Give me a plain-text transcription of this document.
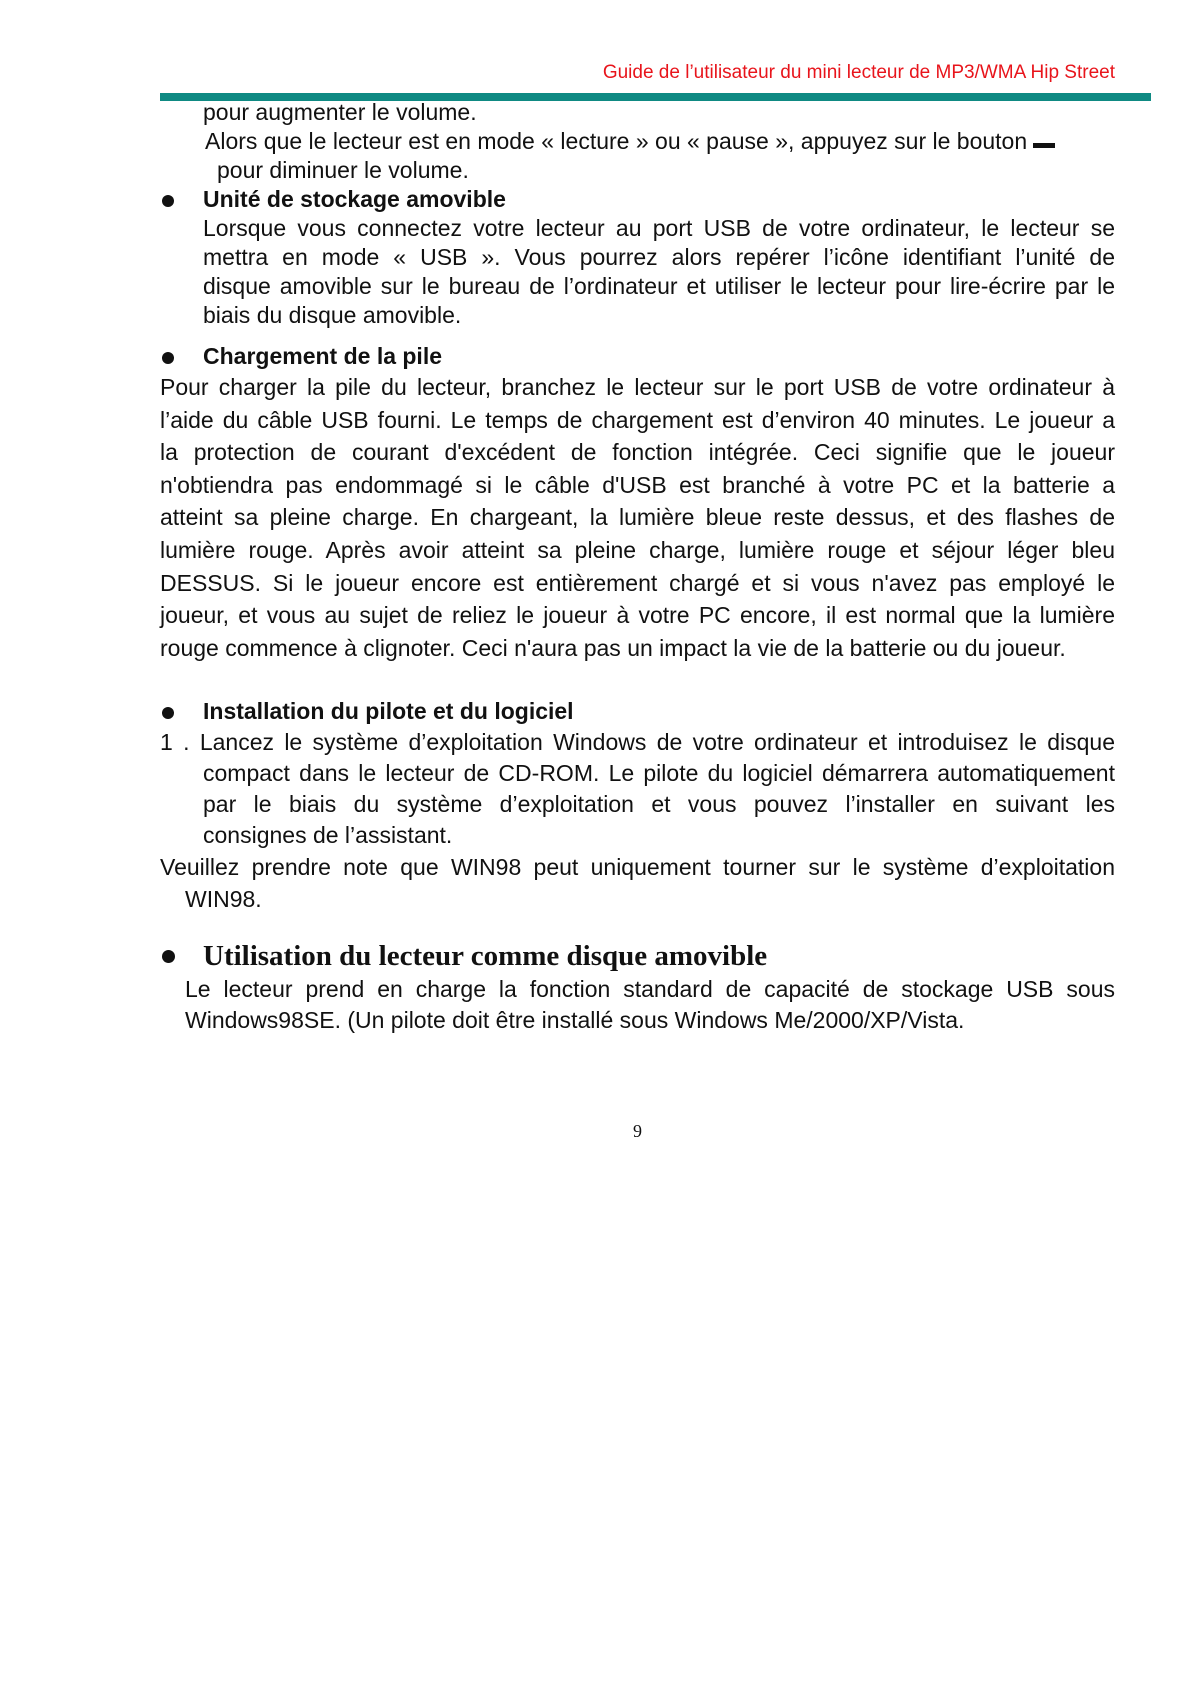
Guide de l’utilisateur du mini lecteur de MP3/WMA Hip Street

pour augmenter le volume.

Alors que le lecteur est en mode « lecture » ou « pause », appuyez sur le bouton

pour diminuer le volume.

Unité de stockage amovible
Lorsque vous connectez votre lecteur au port USB de votre ordinateur, le lecteur se
mettra en mode « USB ». Vous pourrez alors repérer l’icône identifiant l’unité de
disque amovible sur le bureau de l’ordinateur et utiliser le lecteur pour lire-écrire par le
biais du disque amovible.
Chargement de la pile
Pour charger la pile du lecteur, branchez le lecteur sur le port USB de votre ordinateur à
l’aide du câble USB fourni. Le temps de chargement est d’environ 40 minutes. Le joueur a
la protection de courant d'excédent de fonction intégrée. Ceci signifie que le joueur
n'obtiendra pas endommagé si le câble d'USB est branché à votre PC et la batterie a
atteint sa pleine charge. En chargeant, la lumière bleue reste dessus, et des flashes de
lumière rouge. Après avoir atteint sa pleine charge, lumière rouge et séjour léger bleu
DESSUS. Si le joueur encore est entièrement chargé et si vous n'avez pas employé le
joueur, et vous au sujet de reliez le joueur à votre PC encore, il est normal que la lumière
rouge commence à clignoter. Ceci n'aura pas un impact la vie de la batterie ou du joueur.
Installation du pilote et du logiciel
1 . Lancez le système d’exploitation Windows de votre ordinateur et introduisez le disque
compact dans le lecteur de CD-ROM. Le pilote du logiciel démarrera automatiquement
par le biais du système d’exploitation et vous pouvez l’installer en suivant les
consignes de l’assistant.
Veuillez prendre note que WIN98 peut uniquement tourner sur le système d’exploitation
WIN98.
Utilisation du lecteur comme disque amovible
Le lecteur prend en charge la fonction standard de capacité de stockage USB sous
Windows98SE. (Un pilote doit être installé sous Windows Me/2000/XP/Vista.
9
